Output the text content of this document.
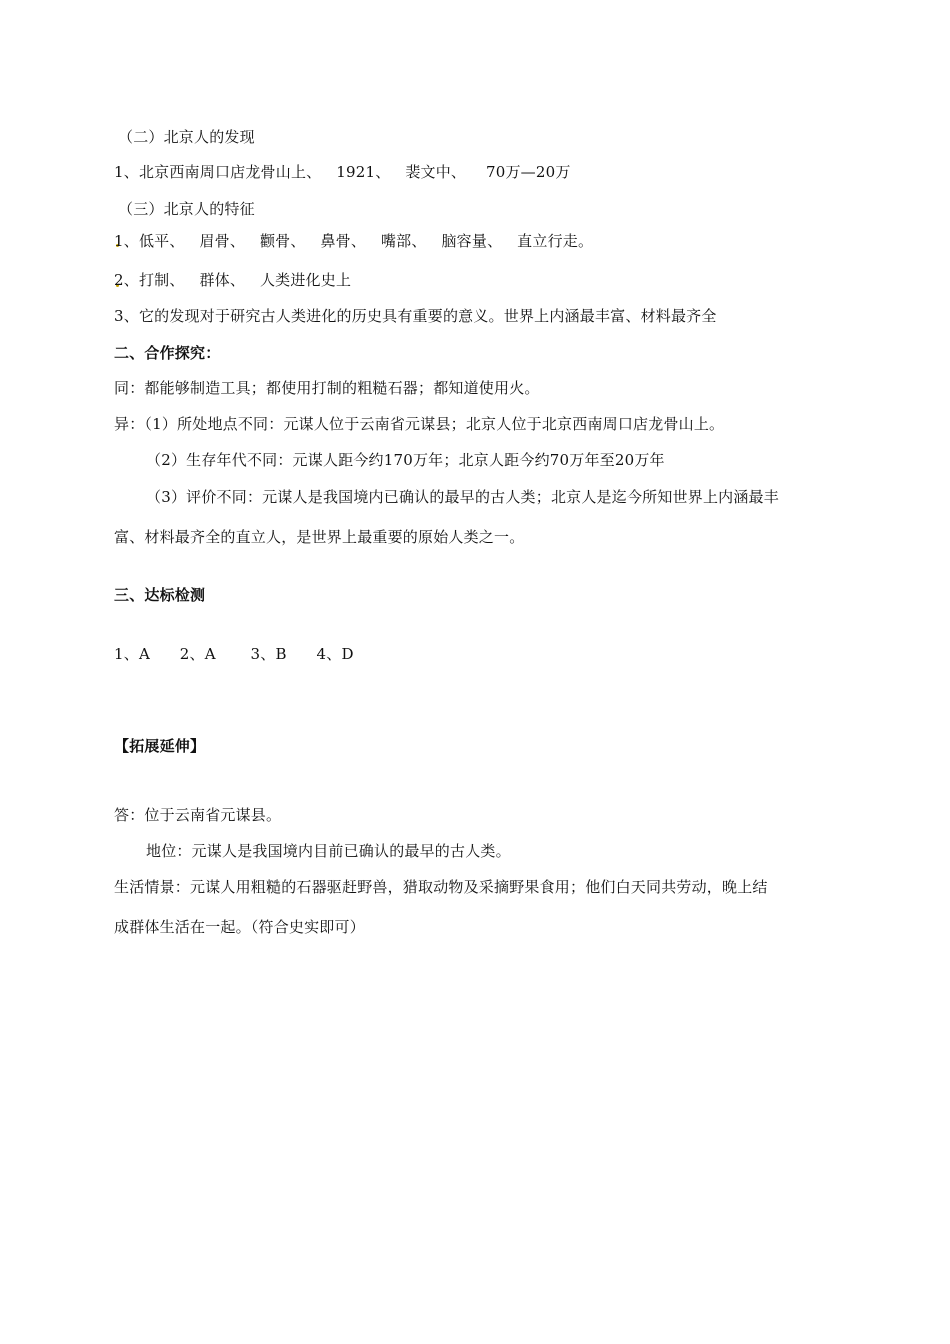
（二）北京人的发现
1、北京西南周口店龙骨山上、   1921、   裴文中、    70万—20万
（三）北京人的特征
1、低平、   眉骨、   颧骨、   鼻骨、   嘴部、   脑容量、   直立行走。
2、打制、   群体、   人类进化史上
3、它的发现对于研究古人类进化的历史具有重要的意义。世界上内涵最丰富、材料最齐全
二、合作探究：
同：都能够制造工具；都使用打制的粗糙石器；都知道使用火。
异：（1）所处地点不同：元谋人位于云南省元谋县；北京人位于北京西南周口店龙骨山上。
（2）生存年代不同：元谋人距今约170万年；北京人距今约70万年至20万年
（3）评价不同：元谋人是我国境内已确认的最早的古人类；北京人是迄今所知世界上内涵最丰
富、材料最齐全的直立人，是世界上最重要的原始人类之一。
三、达标检测
1、A      2、A       3、B      4、D
【拓展延伸】
答：位于云南省元谋县。
地位：元谋人是我国境内目前已确认的最早的古人类。
生活情景：元谋人用粗糙的石器驱赶野兽，猎取动物及采摘野果食用；他们白天同共劳动，晚上结
成群体生活在一起。（符合史实即可）
